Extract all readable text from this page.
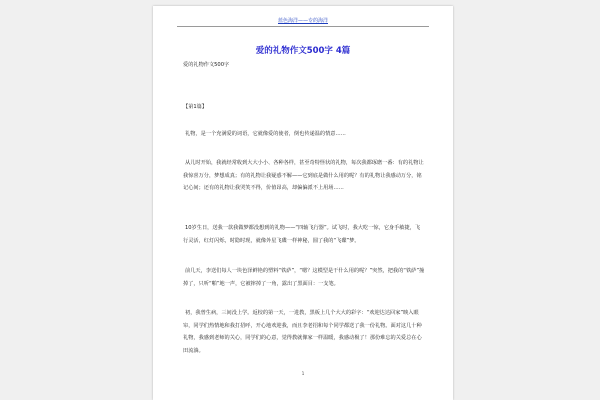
蓝色海洋——专的海洋
爱的礼物作文500字 4篇
爱的礼物作文500字
【第1篇】

礼物，是一个充满爱的词语，它就像爱的使者，倒也传递温的情意……

从儿时开始，我就经常收到大大小小、各种各样，甚至奇特怪状的礼物，每次我都琢磨一番：有的礼物让我惊喜万分，梦想成真；有的礼物让我疑惑不解——它到底是做什么用的呢？有的礼物让我感动万分，铭记心间；还有的礼物让我哭笑不得，价值昂高，却偏偏派不上用场……

10岁生日，送我一款我做梦都没想到的礼物——“四轴飞行器”。试飞时，我大吃一惊，它身手敏捷，飞行灵活，红灯闪烁，时隐时现，就像外星飞碟一样神秘，圆了我的“飞碟”梦。

前几天，李送们每人一块色泽鲜艳的塑料“铁萨”，“嗯？这模型是干什么用的呢？”突然，把我的“铁萨”撞掉了，只听“啪”地一声，它被摔掉了一角，露出了黑面目：一支笔。

初，我曾生病，三间没上学。返校的第一天，一进教，黑板上几个大大的彩字：“欢迎达达回家”映入眼帘，同学们热情地和我打招呼，开心地欢迎我，而且李老招和每个同学都送了我一份礼物。面对这几十种礼物，我感到老师的关心，同学们的心意，觉得教就像家一样温暖，我感动极了！那份难忘的关爱总在心田流淌。

1
